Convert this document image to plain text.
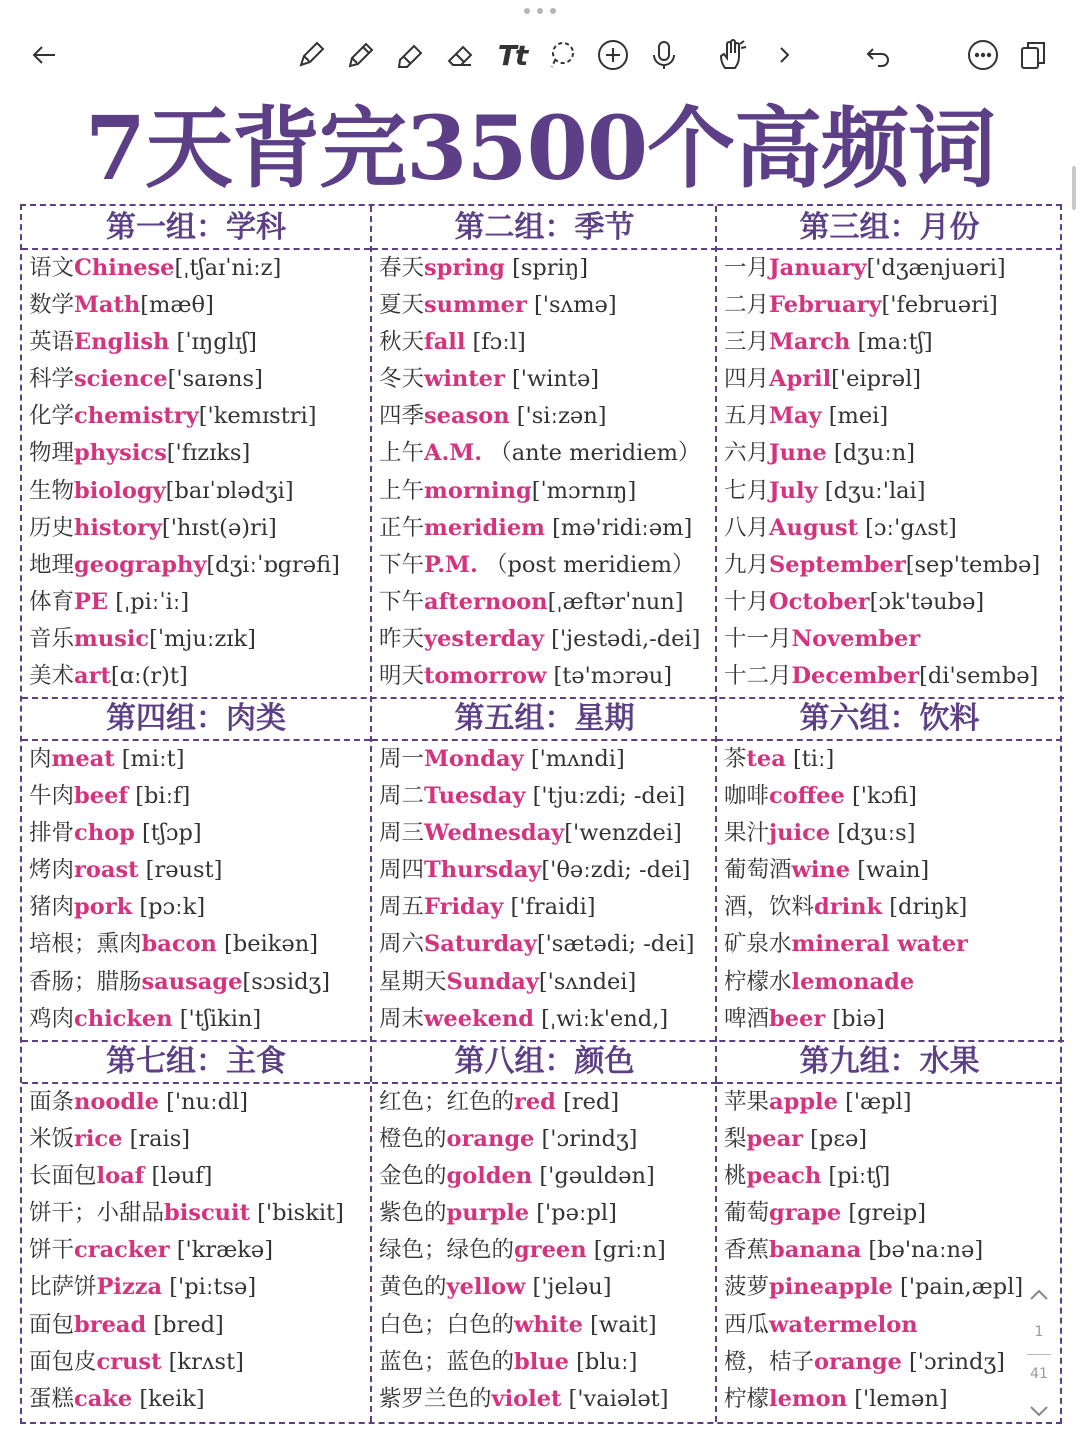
Tt
7天背完3500个高频词
第一组：学科
语文Chinese[ˌtʃaɪˈniːz]
数学Math[mæθ]
英语English [ˈɪŋglɪʃ]
科学science['saɪəns]
化学chemistry['kemɪstri]
物理physics['fɪzɪks]
生物biology[baɪˈɒlədʒi]
历史history['hɪst(ə)ri]
地理geography[dʒiːˈɒgrəfi]
体育PE [ˌpiːˈiː]
音乐music[ˈmjuːzɪk]
美术art[ɑː(r)t]
第四组：肉类
肉meat [miːt]
牛肉beef [biːf]
排骨chop [tʃɔp]
烤肉roast [rəust]
猪肉pork [pɔːk]
培根；熏肉bacon [beikən]
香肠；腊肠sausage[sɔsidʒ]
鸡肉chicken ['tʃikin]
第七组：主食
面条noodle ['nuːdl]
米饭rice [rais]
长面包loaf [ləuf]
饼干；小甜品biscuit ['biskit]
饼干cracker ['krækə]
比萨饼Pizza ['piːtsə]
面包bread [bred]
面包皮crust [krʌst]
蛋糕cake [keik]
第二组：季节
春天spring [spriŋ]
夏天summer ['sʌmə]
秋天fall [fɔːl]
冬天winter ['wintə]
四季season ['siːzən]
上午A.M. （ante meridiem）
上午morning[ˈmɔrnɪŋ]
正午meridiem [mə'ridiːəm]
下午P.M. （post meridiem）
下午afternoon[ˌæftərˈnun]
昨天yesterday ['jestədi,-dei]
明天tomorrow [tə'mɔrəu]
第五组：星期
周一Monday ['mʌndi]
周二Tuesday ['tjuːzdi; -dei]
周三Wednesday['wenzdei]
周四Thursday['θəːzdi; -dei]
周五Friday ['fraidi]
周六Saturday['sætədi; -dei]
星期天Sunday['sʌndei]
周末weekend [ˌwiːk'end,]
第八组：颜色
红色；红色的red [red]
橙色的orange ['ɔrindʒ]
金色的golden ['gəuldən]
紫色的purple ['pəːpl]
绿色；绿色的green [griːn]
黄色的yellow ['jeləu]
白色；白色的white [wait]
蓝色；蓝色的blue [bluː]
紫罗兰色的violet ['vaiələt]
第三组：月份
一月January['dʒænjuəri]
二月February['februəri]
三月March [maːtʃ]
四月April['eiprəl]
五月May [mei]
六月June [dʒuːn]
七月July [dʒuː'lai]
八月August [ɔː'gʌst]
九月September[sep'tembə]
十月October[ɔk'təubə]
十一月November
十二月December[di'sembə]
第六组：饮料
茶tea [tiː]
咖啡coffee ['kɔfi]
果汁juice [dʒuːs]
葡萄酒wine [wain]
酒，饮料drink [driŋk]
矿泉水mineral water
柠檬水lemonade
啤酒beer [biə]
第九组：水果
苹果apple ['æpl]
梨pear [pɛə]
桃peach [piːtʃ]
葡萄grape [greip]
香蕉banana [bə'naːnə]
菠萝pineapple ['pain,æpl]
西瓜watermelon
橙，桔子orange ['ɔrindʒ]
柠檬lemon ['lemən]
1
41
